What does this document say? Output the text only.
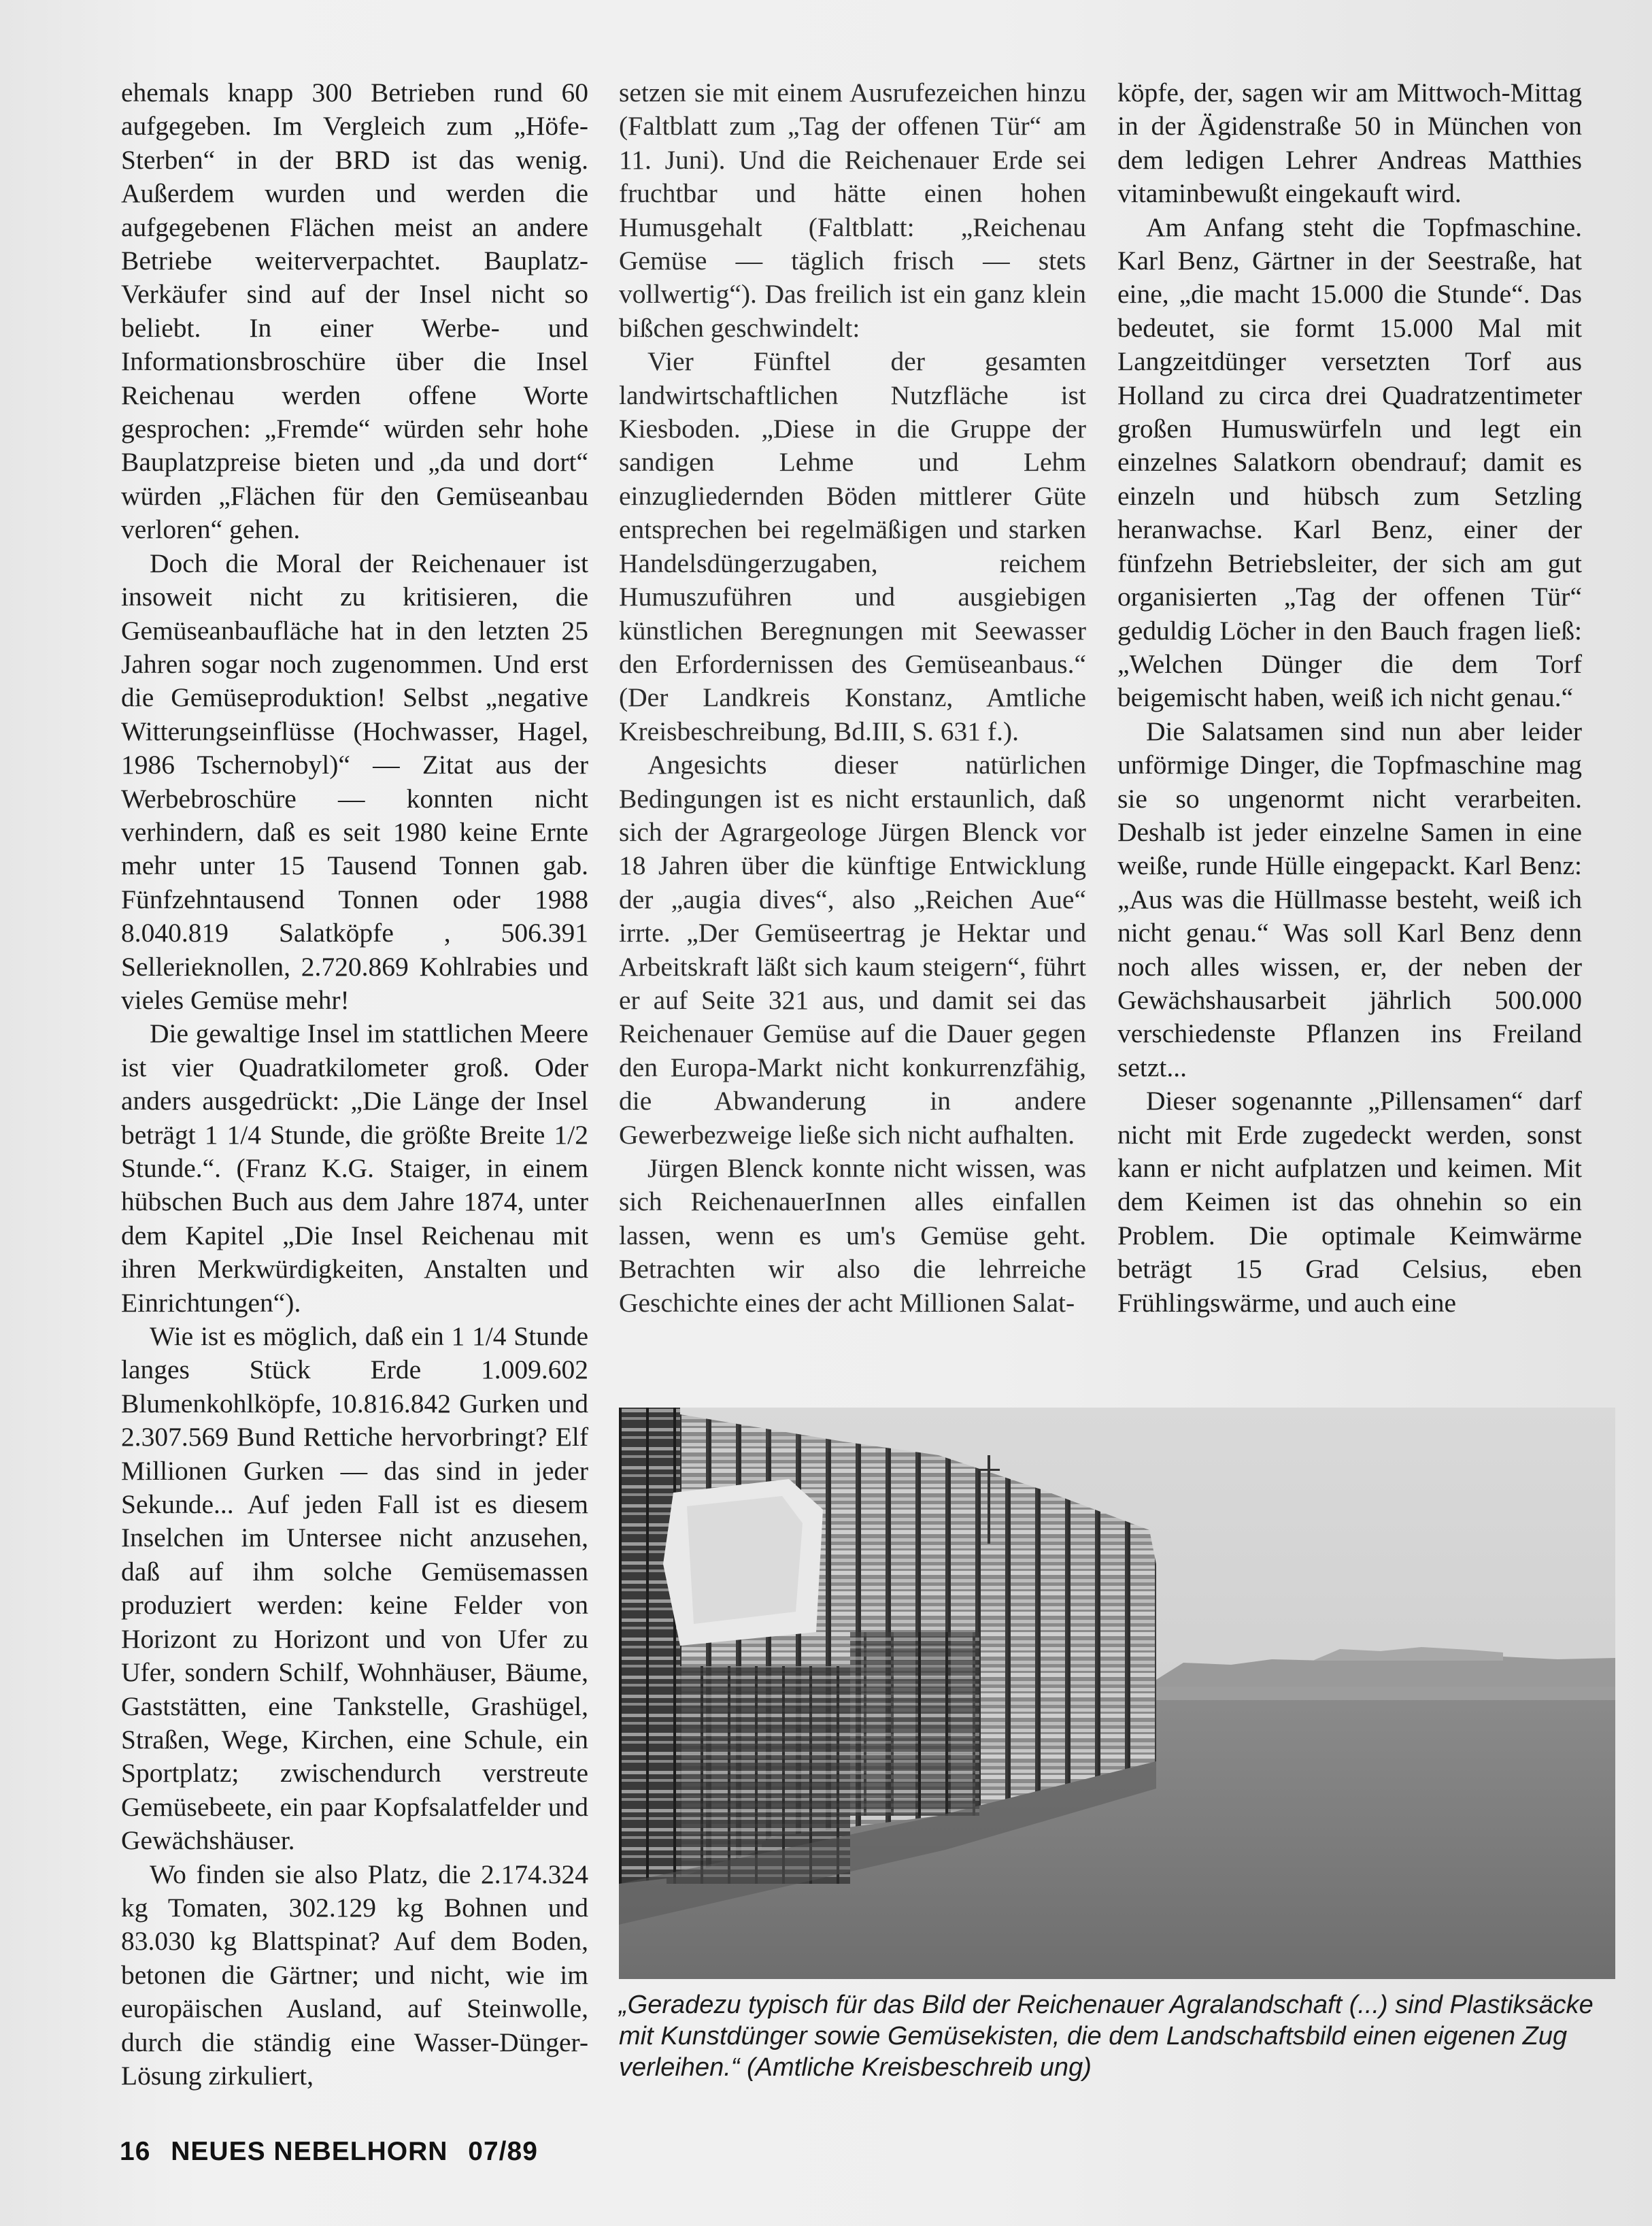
ehemals knapp 300 Betrieben rund 60 aufgegeben. Im Vergleich zum „Höfe-Sterben“ in der BRD ist das wenig. Außerdem wurden und werden die aufgegebenen Flächen meist an andere Betriebe weiterverpachtet. Bauplatz-Verkäufer sind auf der Insel nicht so beliebt. In einer Werbe- und Informationsbroschüre über die Insel Reichenau werden offene Worte gesprochen: „Fremde“ würden sehr hohe Bauplatzpreise bieten und „da und dort“ würden „Flächen für den Gemüseanbau verloren“ gehen.

Doch die Moral der Reichenauer ist insoweit nicht zu kritisieren, die Gemüseanbaufläche hat in den letzten 25 Jahren sogar noch zugenommen. Und erst die Gemüseproduktion! Selbst „negative Witterungseinflüsse (Hochwasser, Hagel, 1986 Tschernobyl)“ — Zitat aus der Werbebroschüre — konnten nicht verhindern, daß es seit 1980 keine Ernte mehr unter 15 Tausend Tonnen gab. Fünfzehntausend Tonnen oder 1988 8.040.819 Salatköpfe , 506.391 Sellerieknollen, 2.720.869 Kohlrabies und vieles Gemüse mehr!

Die gewaltige Insel im stattlichen Meere ist vier Quadratkilometer groß. Oder anders ausgedrückt: „Die Länge der Insel beträgt 1 1/4 Stunde, die größte Breite 1/2 Stunde.“. (Franz K.G. Staiger, in einem hübschen Buch aus dem Jahre 1874, unter dem Kapitel „Die Insel Reichenau mit ihren Merkwürdigkeiten, Anstalten und Einrichtungen“).

Wie ist es möglich, daß ein 1 1/4 Stunde langes Stück Erde 1.009.602 Blumenkohlköpfe, 10.816.842 Gurken und 2.307.569 Bund Rettiche hervorbringt? Elf Millionen Gurken — das sind in jeder Sekunde... Auf jeden Fall ist es diesem Inselchen im Untersee nicht anzusehen, daß auf ihm solche Gemüsemassen produziert werden: keine Felder von Horizont zu Horizont und von Ufer zu Ufer, sondern Schilf, Wohnhäuser, Bäume, Gaststätten, eine Tankstelle, Grashügel, Straßen, Wege, Kirchen, eine Schule, ein Sportplatz; zwischendurch verstreute Gemüsebeete, ein paar Kopfsalatfelder und Gewächshäuser.

Wo finden sie also Platz, die 2.174.324 kg Tomaten, 302.129 kg Bohnen und 83.030 kg Blattspinat? Auf dem Boden, betonen die Gärtner; und nicht, wie im europäischen Ausland, auf Steinwolle, durch die ständig eine Wasser-Dünger-Lösung zirkuliert,

setzen sie mit einem Ausrufezeichen hinzu (Faltblatt zum „Tag der offenen Tür“ am 11. Juni). Und die Reichenauer Erde sei fruchtbar und hätte einen hohen Humusgehalt (Faltblatt: „Reichenau Gemüse — täglich frisch — stets vollwertig“). Das freilich ist ein ganz klein bißchen geschwindelt:

Vier Fünftel der gesamten landwirtschaftlichen Nutzfläche ist Kiesboden. „Diese in die Gruppe der sandigen Lehme und Lehm einzugliedernden Böden mittlerer Güte entsprechen bei regelmäßigen und starken Handelsdüngerzugaben, reichem Humuszuführen und ausgiebigen künstlichen Beregnungen mit Seewasser den Erfordernissen des Gemüseanbaus.“ (Der Landkreis Konstanz, Amtliche Kreisbeschreibung, Bd.III, S. 631 f.).

Angesichts dieser natürlichen Bedingungen ist es nicht erstaunlich, daß sich der Agrargeologe Jürgen Blenck vor 18 Jahren über die künftige Entwicklung der „augia dives“, also „Reichen Aue“ irrte. „Der Gemüseertrag je Hektar und Arbeitskraft läßt sich kaum steigern“, führt er auf Seite 321 aus, und damit sei das Reichenauer Gemüse auf die Dauer gegen den Europa-Markt nicht konkurrenzfähig, die Abwanderung in andere Gewerbezweige ließe sich nicht aufhalten.

Jürgen Blenck konnte nicht wissen, was sich ReichenauerInnen alles einfallen lassen, wenn es um's Gemüse geht. Betrachten wir also die lehrreiche Geschichte eines der acht Millionen Salat-

köpfe, der, sagen wir am Mittwoch-Mittag in der Ägidenstraße 50 in München von dem ledigen Lehrer Andreas Matthies vitaminbewußt eingekauft wird.

Am Anfang steht die Topfmaschine. Karl Benz, Gärtner in der Seestraße, hat eine, „die macht 15.000 die Stunde“. Das bedeutet, sie formt 15.000 Mal mit Langzeitdünger versetzten Torf aus Holland zu circa drei Quadratzentimeter großen Humuswürfeln und legt ein einzelnes Salatkorn obendrauf; damit es einzeln und hübsch zum Setzling heranwachse. Karl Benz, einer der fünfzehn Betriebsleiter, der sich am gut organisierten „Tag der offenen Tür“ geduldig Löcher in den Bauch fragen ließ: „Welchen Dünger die dem Torf beigemischt haben, weiß ich nicht genau.“

Die Salatsamen sind nun aber leider unförmige Dinger, die Topfmaschine mag sie so ungenormt nicht verarbeiten. Deshalb ist jeder einzelne Samen in eine weiße, runde Hülle eingepackt. Karl Benz: „Aus was die Hüllmasse besteht, weiß ich nicht genau.“ Was soll Karl Benz denn noch alles wissen, er, der neben der Gewächshausarbeit jährlich 500.000 verschiedenste Pflanzen ins Freiland setzt...

Dieser sogenannte „Pillensamen“ darf nicht mit Erde zugedeckt werden, sonst kann er nicht aufplatzen und keimen. Mit dem Keimen ist das ohnehin so ein Problem. Die optimale Keimwärme beträgt 15 Grad Celsius, eben Frühlingswärme, und auch eine

„Geradezu typisch für das Bild der Reichenauer Agralandschaft (...) sind Plastiksäcke mit Kunstdünger sowie Gemüsekisten, die dem Landschaftsbild einen eigenen Zug verleihen.“ (Amtliche Kreisbeschreib ung)
16 NEUES NEBELHORN 07/89
